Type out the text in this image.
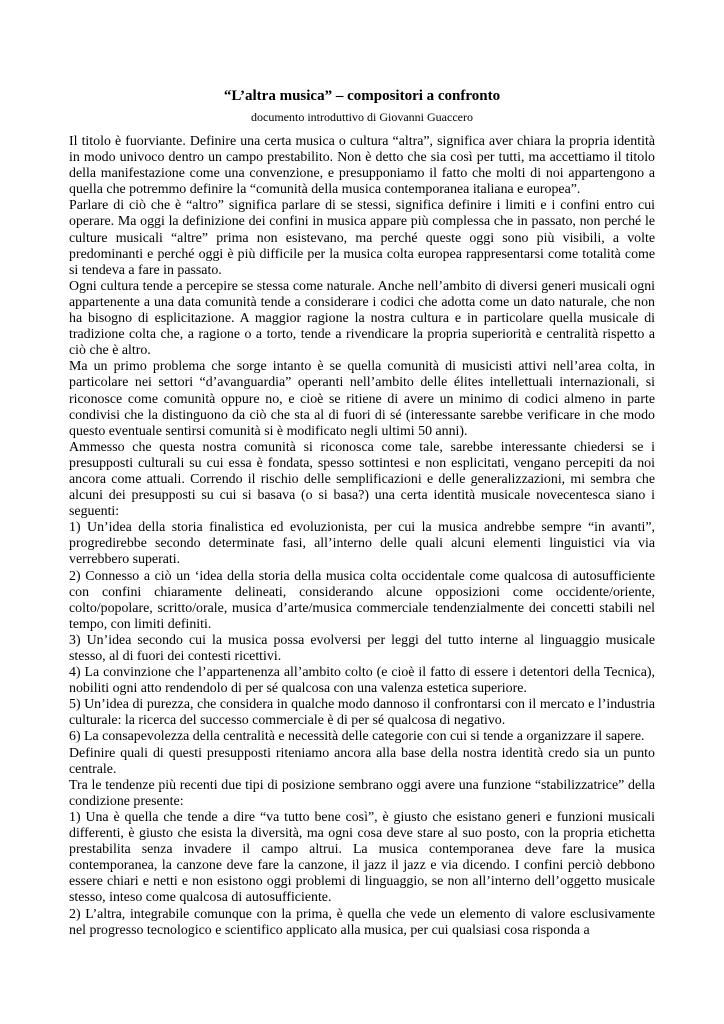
“L’altra musica” – compositori a confronto
documento introduttivo di Giovanni Guaccero

Il titolo è fuorviante. Definire una certa musica o cultura “altra”, significa aver chiara la propria identità in modo univoco dentro un campo prestabilito. Non è detto che sia così per tutti, ma accettiamo il titolo della manifestazione come una convenzione, e presupponiamo il fatto che molti di noi appartengono a quella che potremmo definire la “comunità della musica contemporanea italiana e europea”.

Parlare di ciò che è “altro” significa parlare di se stessi, significa definire i limiti e i confini entro cui operare. Ma oggi la definizione dei confini in musica appare più complessa che in passato, non perché le culture musicali “altre” prima non esistevano, ma perché queste oggi sono più visibili, a volte predominanti e perché oggi è più difficile per la musica colta europea rappresentarsi come totalità come si tendeva a fare in passato.

Ogni cultura tende a percepire se stessa come naturale. Anche nell’ambito di diversi generi musicali ogni appartenente a una data comunità tende a considerare i codici che adotta come un dato naturale, che non ha bisogno di esplicitazione. A maggior ragione la nostra cultura e in particolare quella musicale di tradizione colta che, a ragione o a torto, tende a rivendicare la propria superiorità e centralità rispetto a ciò che è altro.

Ma un primo problema che sorge intanto è se quella comunità di musicisti attivi nell’area colta, in particolare nei settori “d’avanguardia” operanti nell’ambito delle élites intellettuali internazionali, si riconosce come comunità oppure no, e cioè se ritiene di avere un minimo di codici almeno in parte condivisi che la distinguono da ciò che sta al di fuori di sé (interessante sarebbe verificare in che modo questo eventuale sentirsi comunità si è modificato negli ultimi 50 anni).

Ammesso che questa nostra comunità si riconosca come tale, sarebbe interessante chiedersi se i presupposti culturali su cui essa è fondata, spesso sottintesi e non esplicitati, vengano percepiti da noi ancora come attuali. Correndo il rischio delle semplificazioni e delle generalizzazioni, mi sembra che alcuni dei presupposti su cui si basava (o si basa?) una certa identità musicale novecentesca siano i seguenti:

1) Un’idea della storia finalistica ed evoluzionista, per cui la musica andrebbe sempre “in avanti”, progredirebbe secondo determinate fasi, all’interno delle quali alcuni elementi linguistici via via verrebbero superati.

2) Connesso a ciò un ‘idea della storia della musica colta occidentale come qualcosa di autosufficiente con confini chiaramente delineati, considerando alcune opposizioni come occidente/oriente, colto/popolare, scritto/orale, musica d’arte/musica commerciale tendenzialmente dei concetti stabili nel tempo, con limiti definiti.

3) Un’idea secondo cui la musica possa evolversi per leggi del tutto interne al linguaggio musicale stesso, al di fuori dei contesti ricettivi.

4) La convinzione che l’appartenenza all’ambito colto (e cioè il fatto di essere i detentori della Tecnica), nobiliti ogni atto rendendolo di per sé qualcosa con una valenza estetica superiore.

5) Un’idea di purezza, che considera in qualche modo dannoso il confrontarsi con il mercato e l’industria culturale: la ricerca del successo commerciale è di per sé qualcosa di negativo.

6) La consapevolezza della centralità e necessità delle categorie con cui si tende a organizzare il sapere.

Definire quali di questi presupposti riteniamo ancora alla base della nostra identità credo sia un punto centrale.

Tra le tendenze più recenti due tipi di posizione sembrano oggi avere una funzione “stabilizzatrice” della condizione presente:

1) Una è quella che tende a dire “va tutto bene così”, è giusto che esistano generi e funzioni musicali differenti, è giusto che esista la diversità, ma ogni cosa deve stare al suo posto, con la propria etichetta prestabilita senza invadere il campo altrui. La musica contemporanea deve fare la musica contemporanea, la canzone deve fare la canzone, il jazz il jazz e via dicendo. I confini perciò debbono essere chiari e netti e non esistono oggi problemi di linguaggio, se non all’interno dell’oggetto musicale stesso, inteso come qualcosa di autosufficiente.

2) L’altra, integrabile comunque con la prima, è quella che vede un elemento di valore esclusivamente nel progresso tecnologico e scientifico applicato alla musica, per cui qualsiasi cosa risponda a
